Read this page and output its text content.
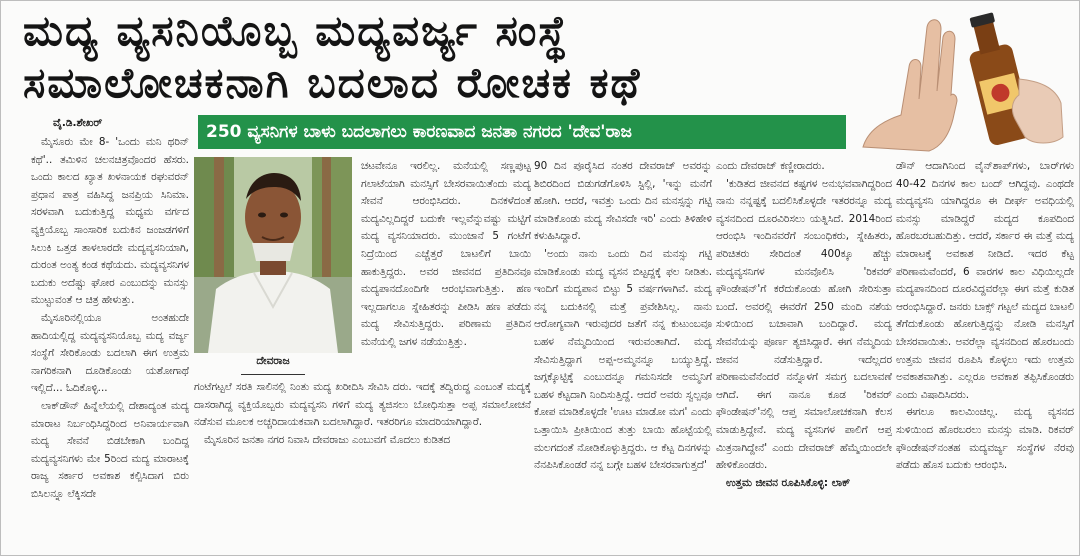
ಮದ್ಯ ವ್ಯಸನಿಯೊಬ್ಬ ಮದ್ಯವರ್ಜ್ಯ ಸಂಸ್ಥೆ
ಸಮಾಲೋಚಕನಾಗಿ ಬದಲಾದ ರೋಚಕ ಕಥೆ
250 ವ್ಯಸನಿಗಳ ಬಾಳು ಬದಲಾಗಲು ಕಾರಣವಾದ ಜನತಾ ನಗರದ 'ದೇವ'ರಾಜ
ವೈ.ಡಿ.ಶೇಖರ್

ಮೈಸೂರು ಮೇ 8- 'ಒಂದು ಮನಿ ಥರಿನ್ ಕಥೆ'.. ತಮಿಳಿನ ಚಲನಚಿತ್ರವೊಂದರ ಹೆಸರು. ಒಂದು ಕಾಲದ ಖ್ಯಾತ ಖಳನಾಯಕ ರಘುವರನ್ ಪ್ರಧಾನ ಪಾತ್ರ ವಹಿಸಿದ್ದ ಜನಪ್ರಿಯ ಸಿನಿಮಾ. ಸರಳವಾಗಿ ಬದುಕುತ್ತಿದ್ದ ಮಧ್ಯಮ ವರ್ಗದ ವ್ಯಕ್ತಿಯೊಬ್ಬ ಸಾಂಸಾರಿಕ ಬದುಕಿನ ಜಂಜಡಗಳಿಗೆ ಸಿಲುಕಿ ಒತ್ತಡ ತಾಳಲಾರದೇ ಮದ್ಯವ್ಯಸನಿಯಾಗಿ, ದುರಂತ ಅಂತ್ಯ ಕಂಡ ಕಥೆಯದು. ಮದ್ಯವ್ಯಸನಿಗಳ ಬದುಕು ಅದೆಷ್ಟು ಘೋರ ಎಂಬುದನ್ನು ಮನಸ್ಸು ಮುಟ್ಟುವಂತೆ ಆ ಚಿತ್ರ ಹೇಳುತ್ತು.

ಮೈಸೂರಿನಲ್ಲಿಯೂ ಅಂತಹುದೇ ಹಾದಿಯಲ್ಲಿದ್ದ ಮದ್ಯವ್ಯಸನಿಯೊಬ್ಬ ಮದ್ಯ ವರ್ಜ್ಯ ಸಂಸ್ಥೆಗೆ ಸೇರಿಕೊಂಡು ಬದಲಾಗಿ ಈಗ ಉತ್ತಮ ನಾಗರಿಕನಾಗಿ ದೂಡಿಕೊಂಡು ಯಶೋಗಾಥೆ ಇಲ್ಲಿದೆ... ಓದಿಕೊಳ್ಳಿ...

ಲಾಕ್‌ಡೌನ್ ಹಿನ್ನೆಲೆಯಲ್ಲಿ ದೇಶಾದ್ಯಂತ ಮದ್ಯ ಮಾರಾಟ ನಿರ್ಬಂಧಿಸಿದ್ದರಿಂದ ಅನಿವಾರ್ಯವಾಗಿ ಮದ್ಯ ಸೇವನೆ ಬಿಡಬೇಕಾಗಿ ಬಂದಿದ್ದ ಮದ್ಯವ್ಯಸನಿಗಳು ಮೇ 5ರಿಂದ ಮದ್ಯ ಮಾರಾಟಕ್ಕೆ ರಾಜ್ಯ ಸರ್ಕಾರ ಅವಕಾಶ ಕಲ್ಪಿಸಿದಾಗ ಬಿರು ಬಿಸಿಲನ್ನೂ ಲೆಕ್ಕಿಸದೇ

ದೇವರಾಜ

ಚಟವೇನೂ ಇರಲಿಲ್ಲ. ಮನೆಯಲ್ಲಿ ಸಣ್ಣಪುಟ್ಟ ಗಲಾಟೆಯಾಗಿ ಮನಸ್ಸಿಗೆ ಬೇಸರವಾಯಿತೆಂದು ಮದ್ಯ ಸೇವನೆ ಆರಂಭಿಸಿದರು. ದಿನಕಳೆದಂತೆ ಮದ್ಯವಿಲ್ಲದಿದ್ದರೆ ಬದುಕೇ ಇಲ್ಲವೆನ್ನುವಷ್ಟು ಮಟ್ಟಿಗೆ ಮದ್ಯ ವ್ಯಸನಿಯಾದರು. ಮುಂಜಾನೆ 5 ಗಂಟೆಗೆ ನಿದ್ರೆಯಿಂದ ಎಚ್ಚೆತ್ತರೆ ಬಾಟಲಿಗೆ ಬಾಯಿ ಹಾಕುತ್ತಿದ್ದರು. ಅವರ ಜೀವನದ ಪ್ರತಿದಿನವೂ ಮದ್ಯಪಾನದೊಂದಿಗೇ ಆರಂಭವಾಗುತ್ತಿತ್ತು. ಹಣ ಇಲ್ಲದಾಗಲೂ ಸ್ನೇಹಿತರನ್ನು ಪೀಡಿಸಿ ಹಣ ಪಡೆದು ಮದ್ಯ ಸೇವಿಸುತ್ತಿದ್ದರು. ಪರಿಣಾಮ ಪ್ರತಿದಿನ ಮನೆಯಲ್ಲಿ ಜಗಳ ನಡೆಯುತ್ತಿತ್ತು.

ಗಂಟೆಗಟ್ಟಲೆ ಸರತಿ ಸಾಲಿನಲ್ಲಿ ನಿಂತು ಮದ್ಯ ಖರೀದಿಸಿ ಸೇವಿಸಿ ದರು. ಇದಕ್ಕೆ ತದ್ವಿರುದ್ಧ ಎಂಬಂತೆ ಮದ್ಯಕ್ಕೆ ದಾಸರಾಗಿದ್ದ ವ್ಯಕ್ತಿಯೊಬ್ಬರು ಮದ್ಯವ್ಯಸನಿ ಗಳಿಗೆ ಮದ್ಯ ತ್ಯಜಿಸಲು ಬೋಧಿಸುತ್ತಾ ಅಪ್ಪ ಸಮಾಲೋಚನೆ ನಡೆಸುವ ಮೂಲಕ ಅಚ್ಚರಿದಾಯಕವಾಗಿ ಬದಲಾಗಿದ್ದಾರೆ. ಇತರರಿಗೂ ಮಾದರಿಯಾಗಿದ್ದಾರೆ.

ಮೈಸೂರಿನ ಜನತಾ ನಗರ ನಿವಾಸಿ ದೇವರಾಜು ಎಂಬುವಗೆ ಮೊದಲು ಕುಡಿತದ

90 ದಿನ ಪೂರೈಸಿದ ನಂತರ ದೇವರಾಜ್ ಅವರನ್ನು ಶಿಬಿರದಿಂದ ಬಿಡುಗಡೆಗೊಳಿಸಿ ಸ್ಟಿಲ್ಲಿ, 'ಇನ್ನು ಮನೆಗೆ ಹೋಗಿ. ಆದರೆ, ಇವತ್ತು ಒಂದು ದಿನ ಮನಸ್ಸನ್ನು ಗಟ್ಟಿ ಮಾಡಿಕೊಂಡು ಮದ್ಯ ಸೇವಿಸದೇ ಇರಿ' ಎಂದು ತಿಳಿಹೇಳಿ ಕಳುಹಿಸಿದ್ದಾರೆ.

'ಅಂದು ನಾನು ಒಂದು ದಿನ ಮನಸ್ಸು ಗಟ್ಟಿ ಮಾಡಿಕೊಂಡು ಮದ್ಯ ವ್ಯಸನ ಬಿಟ್ಟದ್ದಕ್ಕೆ ಫಲ ನೀಡಿತು. ಇಂದಿಗೆ ಮದ್ಯಪಾನ ಬಿಟ್ಟು 5 ವರ್ಷಗಳಾಗಿವೆ. ಮದ್ಯ ನನ್ನ ಬದುಕಿನಲ್ಲಿ ಮತ್ತೆ ಪ್ರವೇಶಿಸಿಲ್ಲ. ನಾನು ಆರೋಗ್ಯವಾಗಿ ಇರುವುದರ ಜತೆಗೆ ನನ್ನ ಕುಟುಂಬವೂ ಬಹಳ ನೆಮ್ಮದಿಯಿಂದ ಇರುವಂತಾಗಿದೆ. ಮದ್ಯ ಸೇವಿಸುತ್ತಿದ್ದಾಗ ಅಪ್ಪ-ಅಮ್ಮನನ್ನೂ ಬಯ್ಯುತ್ತಿದ್ದೆ. ಜಗ್ಗಕ್ಕೊಟ್ಟಿಕ್ಕೆ ಎಂಬುದನ್ನೂ ಗಮನಿಸದೇ ಅಮ್ಮನಿಗೆ ಬಹಳ ಕೆಟ್ಟದಾಗಿ ನಿಂದಿಸುತ್ತಿದ್ದೆ. ಆದರೆ ಅವರು ಸ್ವಲ್ಪವೂ ಕೋಪ ಮಾಡಿಕೊಳ್ಳದೇ 'ಊಟ ಮಾಡೋ ಮಗ' ಎಂದು ಒತ್ತಾಯಿಸಿ ಪ್ರೀತಿಯಿಂದ ತುತ್ತು ಬಾಯಿ ಹೊಟ್ಟೆಯಲ್ಲಿ ಮಲಗದಂತೆ ನೋಡಿಕೊಳ್ಳುತ್ತಿದ್ದರು. ಆ ಕೆಟ್ಟ ದಿನಗಳನ್ನು ನೆನಪಿಸಿಕೊಂಡರೆ ನನ್ನ ಬಗ್ಗೇ ಬಹಳ ಬೇಸರವಾಗುತ್ತದೆ'

ಎಂದು ದೇವರಾಜ್ ಕಣ್ಣೀರಾದರು.

'ಕುಡಿತದ ಜೀವನದ ಕಷ್ಟಗಳ ಅನುಭವವಾಗಿದ್ದರಿಂದ ನಾನು ನನ್ನಷ್ಟಕ್ಕೆ ಬದಲಿಸಿಕೊಳ್ಳದೇ ಇತರರನ್ನೂ ಮದ್ಯ ವ್ಯಸನದಿಂದ ದೂರವಿರಿಸಲು ಯತ್ನಿಸಿದೆ. 2014ರಿಂದ ಆರಂಭಿಸಿ ಇಂದಿನವರೆಗೆ ಸಂಬಂಧಿಕರು, ಸ್ನೇಹಿತರು, ಪರಿಚಿತರು ಸೇರಿದಂತೆ 400ಕ್ಕೂ ಹೆಚ್ಚು ಮದ್ಯವ್ಯಸನಿಗಳ ಮನವೊಲಿಸಿ 'ರಿಕವರ್ ಫೌಂಡೇಷನ್'ಗೆ ಕರೆದುಕೊಂಡು ಹೋಗಿ ಸೇರಿಸುತ್ತಾ ಬಂದೆ. ಅವರಲ್ಲಿ ಈವರೆಗೆ 250 ಮಂದಿ ನಶೆಯ ಸುಳಿಯಿಂದ ಬಚಾವಾಗಿ ಬಂದಿದ್ದಾರೆ. ಮದ್ಯ ಸೇವನೆಯನ್ನು ಪೂರ್ಣ ತ್ಯಜಿಸಿದ್ದಾರೆ. ಈಗ ನೆಮ್ಮದಿಯ ಜೀವನ ನಡೆಸುತ್ತಿದ್ದಾರೆ. ಇದೆಲ್ಲದರ ಪರಿಣಾಮವೆನೆಂದರೆ ನನ್ನೊಳಗೆ ಸಮಗ್ರ ಬದಲಾವಣೆ ಆಗಿದೆ. ಈಗ ನಾನೂ ಕೂಡ 'ರಿಕವರ್ ಫೌಂಡೇಷನ್'ನಲ್ಲಿ ಆಪ್ತ ಸಮಾಲೋಚಕನಾಗಿ ಕೆಲಸ ಮಾಡುತ್ತಿದ್ದೇನೆ. ಮದ್ಯ ವ್ಯಸನಿಗಳ ಪಾಲಿಗೆ ಆಪ್ತ ಮಿತ್ರನಾಗಿದ್ದೇನೆ' ಎಂದು ದೇವರಾಜ್ ಹೆಮ್ಮೆಯಿಂದಲೇ ಹೇಳಿಕೊಂಡರು.

ಉತ್ತಮ ಜೀವನ ರೂಪಿಸಿಕೊಳ್ಳಿ: ಲಾಕ್

ಡೌನ್ ಆದಾಗಿನಿಂದ ವೈನ್‌ಶಾಪ್‌ಗಳು, ಬಾರ್‌ಗಳು 40-42 ದಿನಗಳ ಕಾಲ ಬಂದ್ ಆಗಿದ್ದವು. ಎಂಥದೇ ಮದ್ಯವ್ಯಸನಿ ಯಾಗಿದ್ದರೂ ಈ ದೀರ್ಘ ಅವಧಿಯಲ್ಲಿ ಮನಸ್ಸು ಮಾಡಿದ್ದರೆ ಮದ್ಯದ ಕೂಪದಿಂದ ಹೊರಬರಬಹುದಿತ್ತು. ಆದರೆ, ಸರ್ಕಾರ ಈ ಮತ್ತೆ ಮದ್ಯ ಮಾರಾಟಕ್ಕೆ ಅವಕಾಶ ನೀಡಿದೆ. ಇದರ ಕೆಟ್ಟ ಪರಿಣಾಮವೆಂದರೆ, 6 ವಾರಗಳ ಕಾಲ ವಿಧಿಯಿಲ್ಲದೇ ಮದ್ಯಪಾನದಿಂದ ದೂರವಿದ್ದವರೆಲ್ಲಾ ಈಗ ಮತ್ತೆ ಕುಡಿತ ಆರಂಭಿಸಿದ್ದಾರೆ. ಜನರು ಬಾಕ್ಸ್ ಗಟ್ಟಲೆ ಮದ್ಯದ ಬಾಟಲಿ ತೆಗೆದುಕೊಂಡು ಹೋಗುತ್ತಿದ್ದನ್ನು ನೋಡಿ ಮನಸ್ಸಿಗೆ ಬೇಸರವಾಯಿತು. ಅವರೆಲ್ಲಾ ವ್ಯಸನದಿಂದ ಹೊರಬಂದು ಉತ್ತಮ ಜೀವನ ರೂಪಿಸಿ ಕೊಳ್ಳಲು ಇದು ಉತ್ತಮ ಅವಕಾಶವಾಗಿತ್ತು. ಎಲ್ಲರೂ ಅವಕಾಶ ತಪ್ಪಿಸಿಕೊಂಡರು ಎಂದು ವಿಷಾದಿಸಿದರು.

ಈಗಲೂ ಕಾಲಮಿಂಚಿಲ್ಲ. ಮದ್ಯ ವ್ಯಸನದ ಸುಳಿಯಿಂದ ಹೊರಬರಲು ಮನಸ್ಸು ಮಾಡಿ. ರಿಕವರ್ ಫೌಂಡೇಷನ್‌ನಂತಹ ಮದ್ಯವರ್ಜ್ಯ ಸಂಸ್ಥೆಗಳ ನೆರವು ಪಡೆದು ಹೊಸ ಬದುಕು ಆರಂಭಿಸಿ.
